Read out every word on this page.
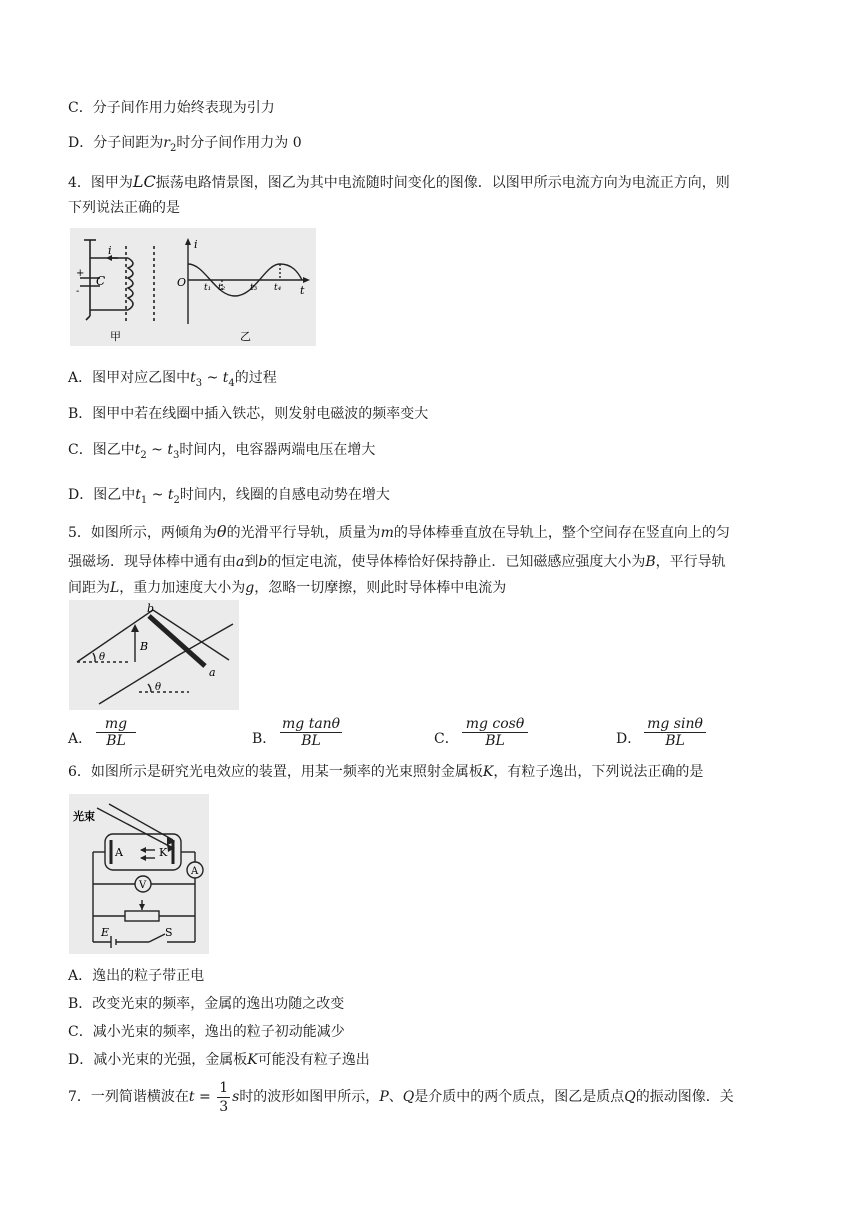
C．分子间作用力始终表现为引力
D．分子间距为$r_2$时分子间作用力为 0
4．图甲为LC振荡电路情景图，图乙为其中电流随时间变化的图像．以图甲所示电流方向为电流正方向，则
下列说法正确的是
i
C
+
-
甲
i
O
t
t₁ t₂	t₃ t₄
乙
A．图甲对应乙图中$t_3$ ~ $t_4$的过程
B．图甲中若在线圈中插入铁芯，则发射电磁波的频率变大
C．图乙中$t_2$ ~ $t_3$时间内，电容器两端电压在增大
D．图乙中$t_1$ ~ $t_2$时间内，线圈的自感电动势在增大
5．如图所示，两倾角为θ的光滑平行导轨，质量为m的导体棒垂直放在导轨上，整个空间存在竖直向上的匀
强磁场．现导体棒中通有由a到b的恒定电流，使导体棒恰好保持静止．已知磁感应强度大小为B，平行导轨
间距为L，重力加速度大小为g，忽略一切摩擦，则此时导体棒中电流为
b
a
B
θ
θ
A． $\frac{mg}{BL}$	B． $\frac{\text{mg tanθ}}{BL}$	C． $\frac{\text{mg cosθ}}{BL}$	D． $\frac{\text{mg sinθ}}{BL}$
6．如图所示是研究光电效应的装置，用某一频率的光束照射金属板K，有粒子逸出，下列说法正确的是
光束
A	K
A
V
E	S
A．逸出的粒子带正电
B．改变光束的频率，金属的逸出功随之改变
C．减小光束的频率，逸出的粒子初动能减少
D．减小光束的光强，金属板K可能没有粒子逸出
7．一列简谐横波在$t = \frac{1}{3}$ s时的波形如图甲所示，P、Q是介质中的两个质点，图乙是质点Q的振动图像．关
